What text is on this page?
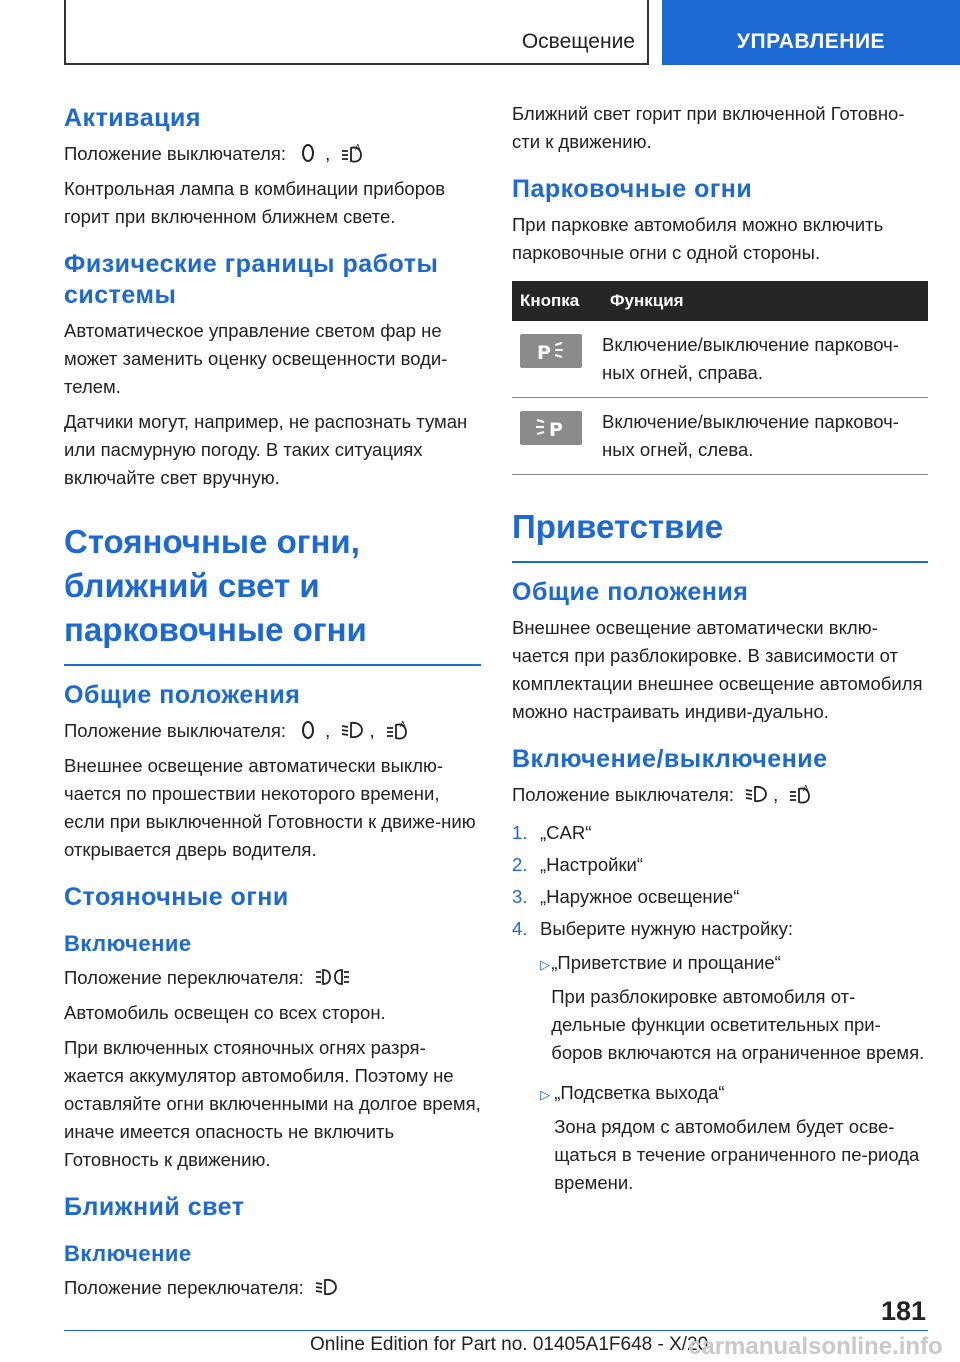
Освещение	УПРАВЛЕНИЕ
Активация

Положение выключателя: ,	A

Контрольная лампа в комбинации приборов горит при включенном ближнем свете.

Физические границы работы системы

Автоматическое управление светом фар не может заменить оценку освещенности води-телем.

Датчики могут, например, не распознать туман или пасмурную погоду. В таких ситуациях включайте свет вручную.

Стояночные огни, ближний свет и парковочные огни
Общие положения

Положение выключателя: , ,	A

Внешнее освещение автоматически выклю-чается по прошествии некоторого времени, если при выключенной Готовности к движе-нию открывается дверь водителя.

Стояночные огни
Включение

Положение переключателя:

Автомобиль освещен со всех сторон.

При включенных стояночных огнях разря-жается аккумулятор автомобиля. Поэтому не оставляйте огни включенными на долгое время, иначе имеется опасность не включить Готовность к движению.

Ближний свет
Включение

Положение переключателя:

Ближний свет горит при включенной Готовно-сти к движению.

Парковочные огни

При парковке автомобиля можно включить парковочные огни с одной стороны.

Кнопка	Функция

P	Включение/выключение парковоч-ных огней, справа.

P	Включение/выключение парковоч-ных огней, слева.
Приветствие
Общие положения

Внешнее освещение автоматически вклю-чается при разблокировке. В зависимости от комплектации внешнее освещение автомобиля можно настраивать индиви-дуально.

Включение/выключение

Положение выключателя: ,	A

1. „CAR“
2. „Настройки“
3. „Наружное освещение“
4. Выберите нужную настройку:
▷ „Приветствие и прощание“

При разблокировке автомобиля от-дельные функции осветительных при-боров включаются на ограниченное время.

▷ „Подсветка выхода“

Зона рядом с автомобилем будет осве-щаться в течение ограниченного пе-риода времени.

181
Online Edition for Part no. 01405A1F648 - X/20
carmanualsonline.info
